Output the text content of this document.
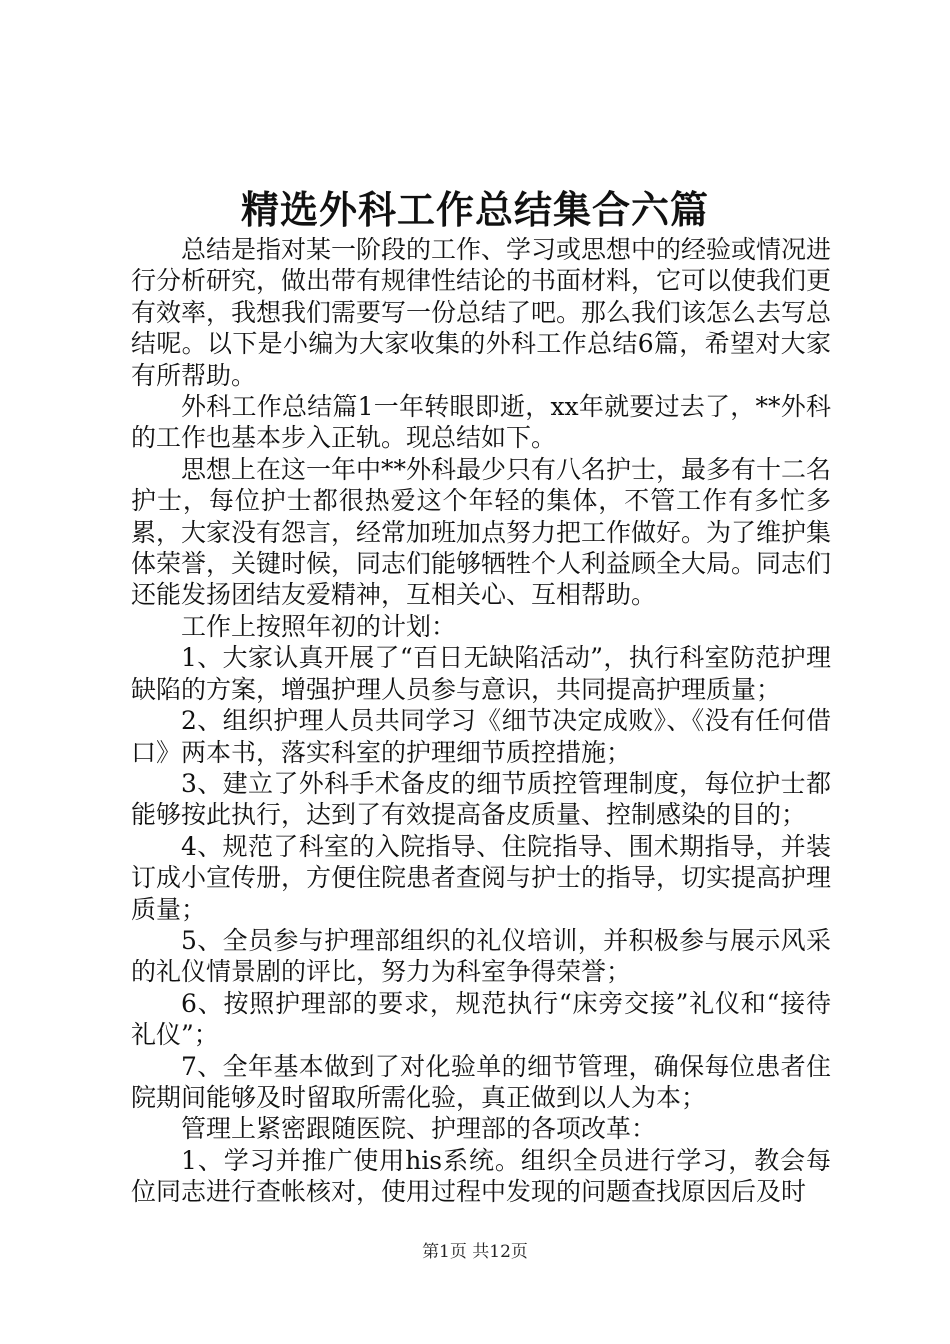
精选外科工作总结集合六篇

总结是指对某一阶段的工作、学习或思想中的经验或情况进行分析研究，做出带有规律性结论的书面材料，它可以使我们更有效率，我想我们需要写一份总结了吧。那么我们该怎么去写总结呢。以下是小编为大家收集的外科工作总结6篇，希望对大家有所帮助。

外科工作总结篇1一年转眼即逝，xx年就要过去了，**外科的工作也基本步入正轨。现总结如下。

思想上在这一年中**外科最少只有八名护士，最多有十二名护士，每位护士都很热爱这个年轻的集体，不管工作有多忙多累，大家没有怨言，经常加班加点努力把工作做好。为了维护集体荣誉，关键时候，同志们能够牺牲个人利益顾全大局。同志们还能发扬团结友爱精神，互相关心、互相帮助。

工作上按照年初的计划：

1、大家认真开展了“百日无缺陷活动”，执行科室防范护理缺陷的方案，增强护理人员参与意识，共同提高护理质量；

2、组织护理人员共同学习《细节决定成败》、《没有任何借口》两本书，落实科室的护理细节质控措施；

3、建立了外科手术备皮的细节质控管理制度，每位护士都能够按此执行，达到了有效提高备皮质量、控制感染的目的；

4、规范了科室的入院指导、住院指导、围术期指导，并装订成小宣传册，方便住院患者查阅与护士的指导，切实提高护理质量；

5、全员参与护理部组织的礼仪培训，并积极参与展示风采的礼仪情景剧的评比，努力为科室争得荣誉；

6、按照护理部的要求，规范执行“床旁交接”礼仪和“接待礼仪”；

7、全年基本做到了对化验单的细节管理，确保每位患者住院期间能够及时留取所需化验，真正做到以人为本；

管理上紧密跟随医院、护理部的各项改革：

1、学习并推广使用his系统。组织全员进行学习，教会每位同志进行查帐核对，使用过程中发现的问题查找原因后及时

第1页 共12页
